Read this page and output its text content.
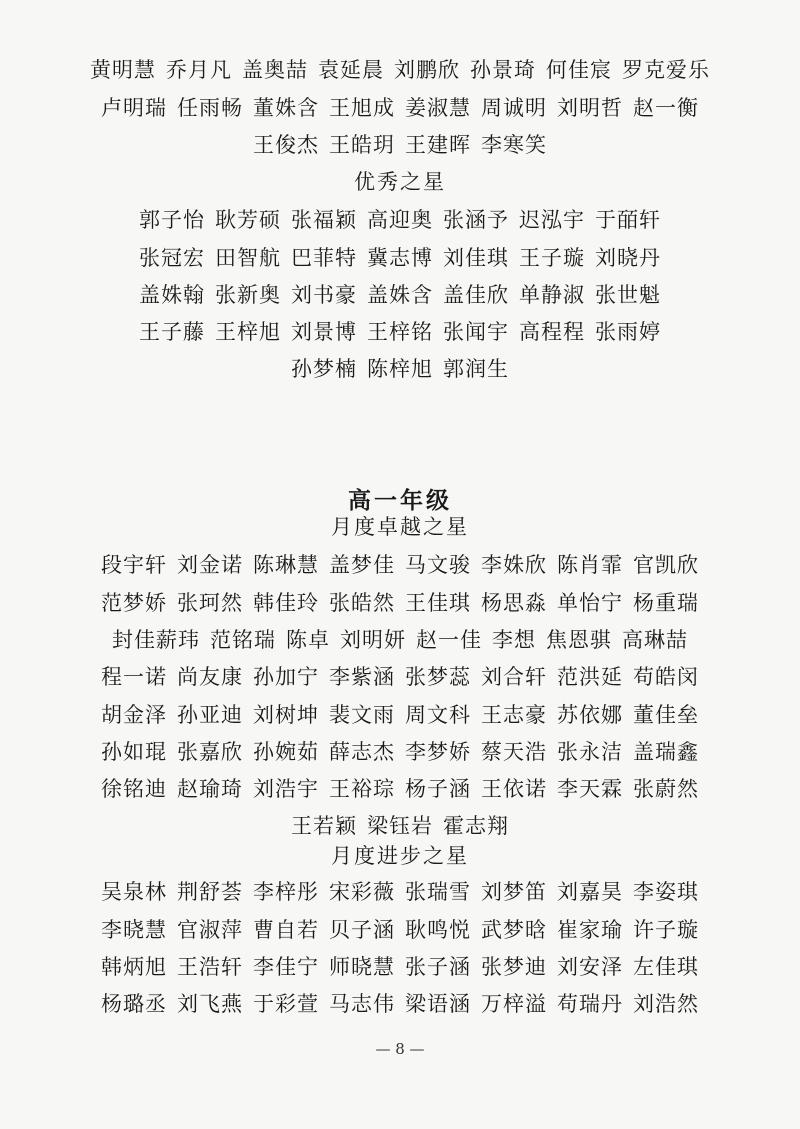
黄明慧 乔月凡 盖奥喆 袁延晨 刘鹏欣 孙景琦 何佳宸 罗克爱乐
卢明瑞 任雨畅 董姝含 王旭成 姜淑慧 周诚明 刘明哲 赵一衡
王俊杰 王皓玥 王建晖 李寒笑
优秀之星
郭子怡 耿芳硕 张福颖 高迎奥 张涵予 迟泓宇 于皕轩
张冠宏 田智航 巴菲特 冀志博 刘佳琪 王子璇 刘晓丹
盖姝翰 张新奥 刘书豪 盖姝含 盖佳欣 单静淑 张世魁
王子藤 王梓旭 刘景博 王梓铭 张闻宇 高程程 张雨婷
孙梦楠 陈梓旭 郭润生
高一年级
月度卓越之星
段宇轩 刘金诺 陈琳慧 盖梦佳 马文骏 李姝欣 陈肖霏 官凯欣
范梦娇 张珂然 韩佳玲 张皓然 王佳琪 杨思淼 单怡宁 杨重瑞
封佳薪玮 范铭瑞 陈卓 刘明妍 赵一佳 李想 焦恩骐 高琳喆
程一诺 尚友康 孙加宁 李紫涵 张梦蕊 刘合轩 范洪延 苟皓闵
胡金泽 孙亚迪 刘树坤 裴文雨 周文科 王志豪 苏依娜 董佳垒
孙如琨 张嘉欣 孙婉茹 薛志杰 李梦娇 蔡天浩 张永洁 盖瑞鑫
徐铭迪 赵瑜琦 刘浩宇 王裕琮 杨子涵 王依诺 李天霖 张蔚然
王若颖 梁钰岩 霍志翔
月度进步之星
吴泉林 荆舒荟 李梓彤 宋彩薇 张瑞雪 刘梦笛 刘嘉昊 李姿琪
李晓慧 官淑萍 曹自若 贝子涵 耿鸣悦 武梦晗 崔家瑜 许子璇
韩炳旭 王浩轩 李佳宁 师晓慧 张子涵 张梦迪 刘安泽 左佳琪
杨璐丞 刘飞燕 于彩萱 马志伟 梁语涵 万梓溢 苟瑞丹 刘浩然
— 8 —
